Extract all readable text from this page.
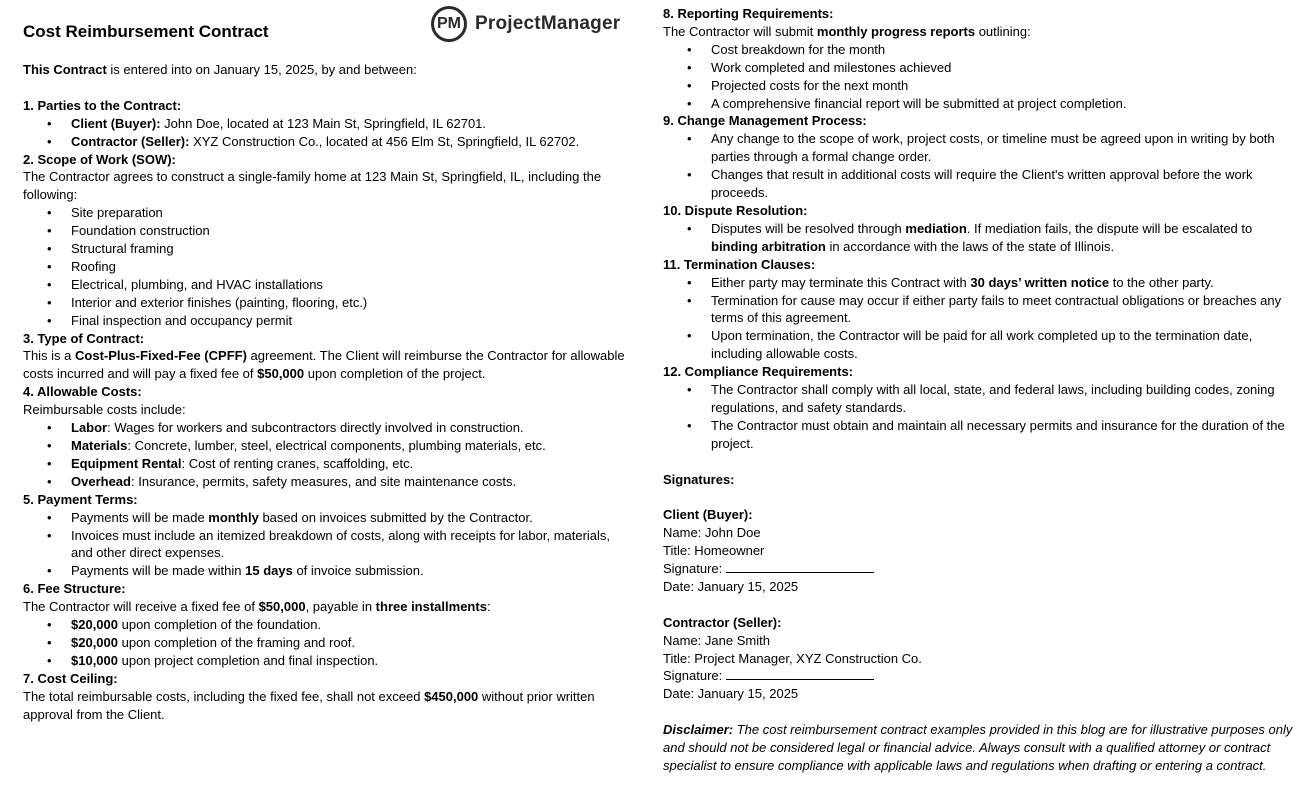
PM ProjectManager
Cost Reimbursement Contract
This Contract is entered into on January 15, 2025, by and between:
1. Parties to the Contract:
• Client (Buyer): John Doe, located at 123 Main St, Springfield, IL 62701.
• Contractor (Seller): XYZ Construction Co., located at 456 Elm St, Springfield, IL 62702.
2. Scope of Work (SOW):
The Contractor agrees to construct a single-family home at 123 Main St, Springfield, IL, including the following:
• Site preparation
• Foundation construction
• Structural framing
• Roofing
• Electrical, plumbing, and HVAC installations
• Interior and exterior finishes (painting, flooring, etc.)
• Final inspection and occupancy permit
3. Type of Contract:
This is a Cost-Plus-Fixed-Fee (CPFF) agreement. The Client will reimburse the Contractor for allowable costs incurred and will pay a fixed fee of $50,000 upon completion of the project.
4. Allowable Costs:
Reimbursable costs include:
• Labor: Wages for workers and subcontractors directly involved in construction.
• Materials: Concrete, lumber, steel, electrical components, plumbing materials, etc.
• Equipment Rental: Cost of renting cranes, scaffolding, etc.
• Overhead: Insurance, permits, safety measures, and site maintenance costs.
5. Payment Terms:
• Payments will be made monthly based on invoices submitted by the Contractor.
• Invoices must include an itemized breakdown of costs, along with receipts for labor, materials, and other direct expenses.
• Payments will be made within 15 days of invoice submission.
6. Fee Structure:
The Contractor will receive a fixed fee of $50,000, payable in three installments:
• $20,000 upon completion of the foundation.
• $20,000 upon completion of the framing and roof.
• $10,000 upon project completion and final inspection.
7. Cost Ceiling:
The total reimbursable costs, including the fixed fee, shall not exceed $450,000 without prior written approval from the Client.
8. Reporting Requirements:
The Contractor will submit monthly progress reports outlining:
• Cost breakdown for the month
• Work completed and milestones achieved
• Projected costs for the next month
• A comprehensive financial report will be submitted at project completion.
9. Change Management Process:
• Any change to the scope of work, project costs, or timeline must be agreed upon in writing by both parties through a formal change order.
• Changes that result in additional costs will require the Client's written approval before the work proceeds.
10. Dispute Resolution:
• Disputes will be resolved through mediation. If mediation fails, the dispute will be escalated to binding arbitration in accordance with the laws of the state of Illinois.
11. Termination Clauses:
• Either party may terminate this Contract with 30 days’ written notice to the other party.
• Termination for cause may occur if either party fails to meet contractual obligations or breaches any terms of this agreement.
• Upon termination, the Contractor will be paid for all work completed up to the termination date, including allowable costs.
12. Compliance Requirements:
• The Contractor shall comply with all local, state, and federal laws, including building codes, zoning regulations, and safety standards.
• The Contractor must obtain and maintain all necessary permits and insurance for the duration of the project.
Signatures:
Client (Buyer):
Name: John Doe
Title: Homeowner
Signature:
Date: January 15, 2025
Contractor (Seller):
Name: Jane Smith
Title: Project Manager, XYZ Construction Co.
Signature:
Date: January 15, 2025
Disclaimer: The cost reimbursement contract examples provided in this blog are for illustrative purposes only and should not be considered legal or financial advice. Always consult with a qualified attorney or contract specialist to ensure compliance with applicable laws and regulations when drafting or entering a contract.
